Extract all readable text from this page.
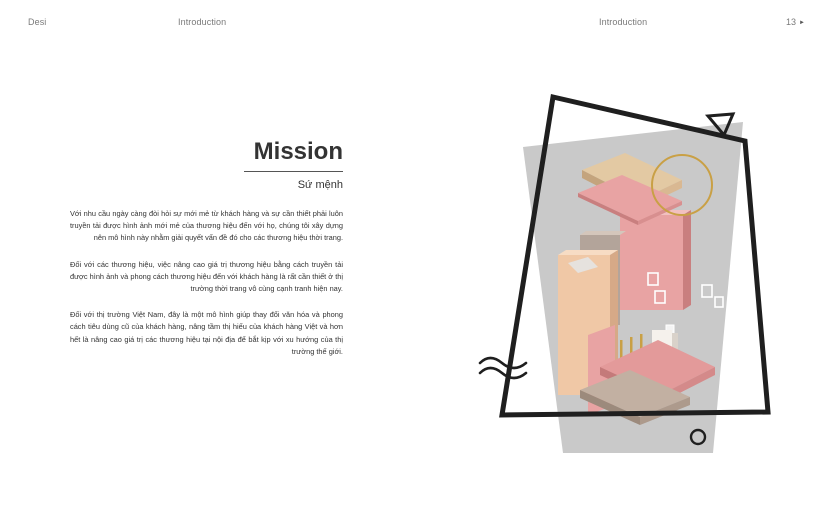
Desi	Introduction	Introduction	13 ►
Mission
Sứ mệnh

Với nhu cầu ngày càng đòi hỏi sự mới mẻ từ khách hàng và sự cần thiết phải luôn truyền tải được hình ảnh mới mẻ của thương hiệu đến với họ, chúng tôi xây dựng nên mô hình này nhằm giải quyết vấn đề đó cho các thương hiệu thời trang.

Đối với các thương hiệu, việc nâng cao giá trị thương hiệu bằng cách truyền tải được hình ảnh và phong cách thương hiệu đến với khách hàng là rất cần thiết ở thị trường thời trang vô cùng cạnh tranh hiện nay.

Đối với thị trường Việt Nam, đây là một mô hình giúp thay đổi văn hóa và phong cách tiêu dùng cũ của khách hàng, nâng tầm thị hiếu của khách hàng Việt và hơn hết là nâng cao giá trị các thương hiệu tại nội địa để bắt kịp với xu hướng của thị trường thế giới.
